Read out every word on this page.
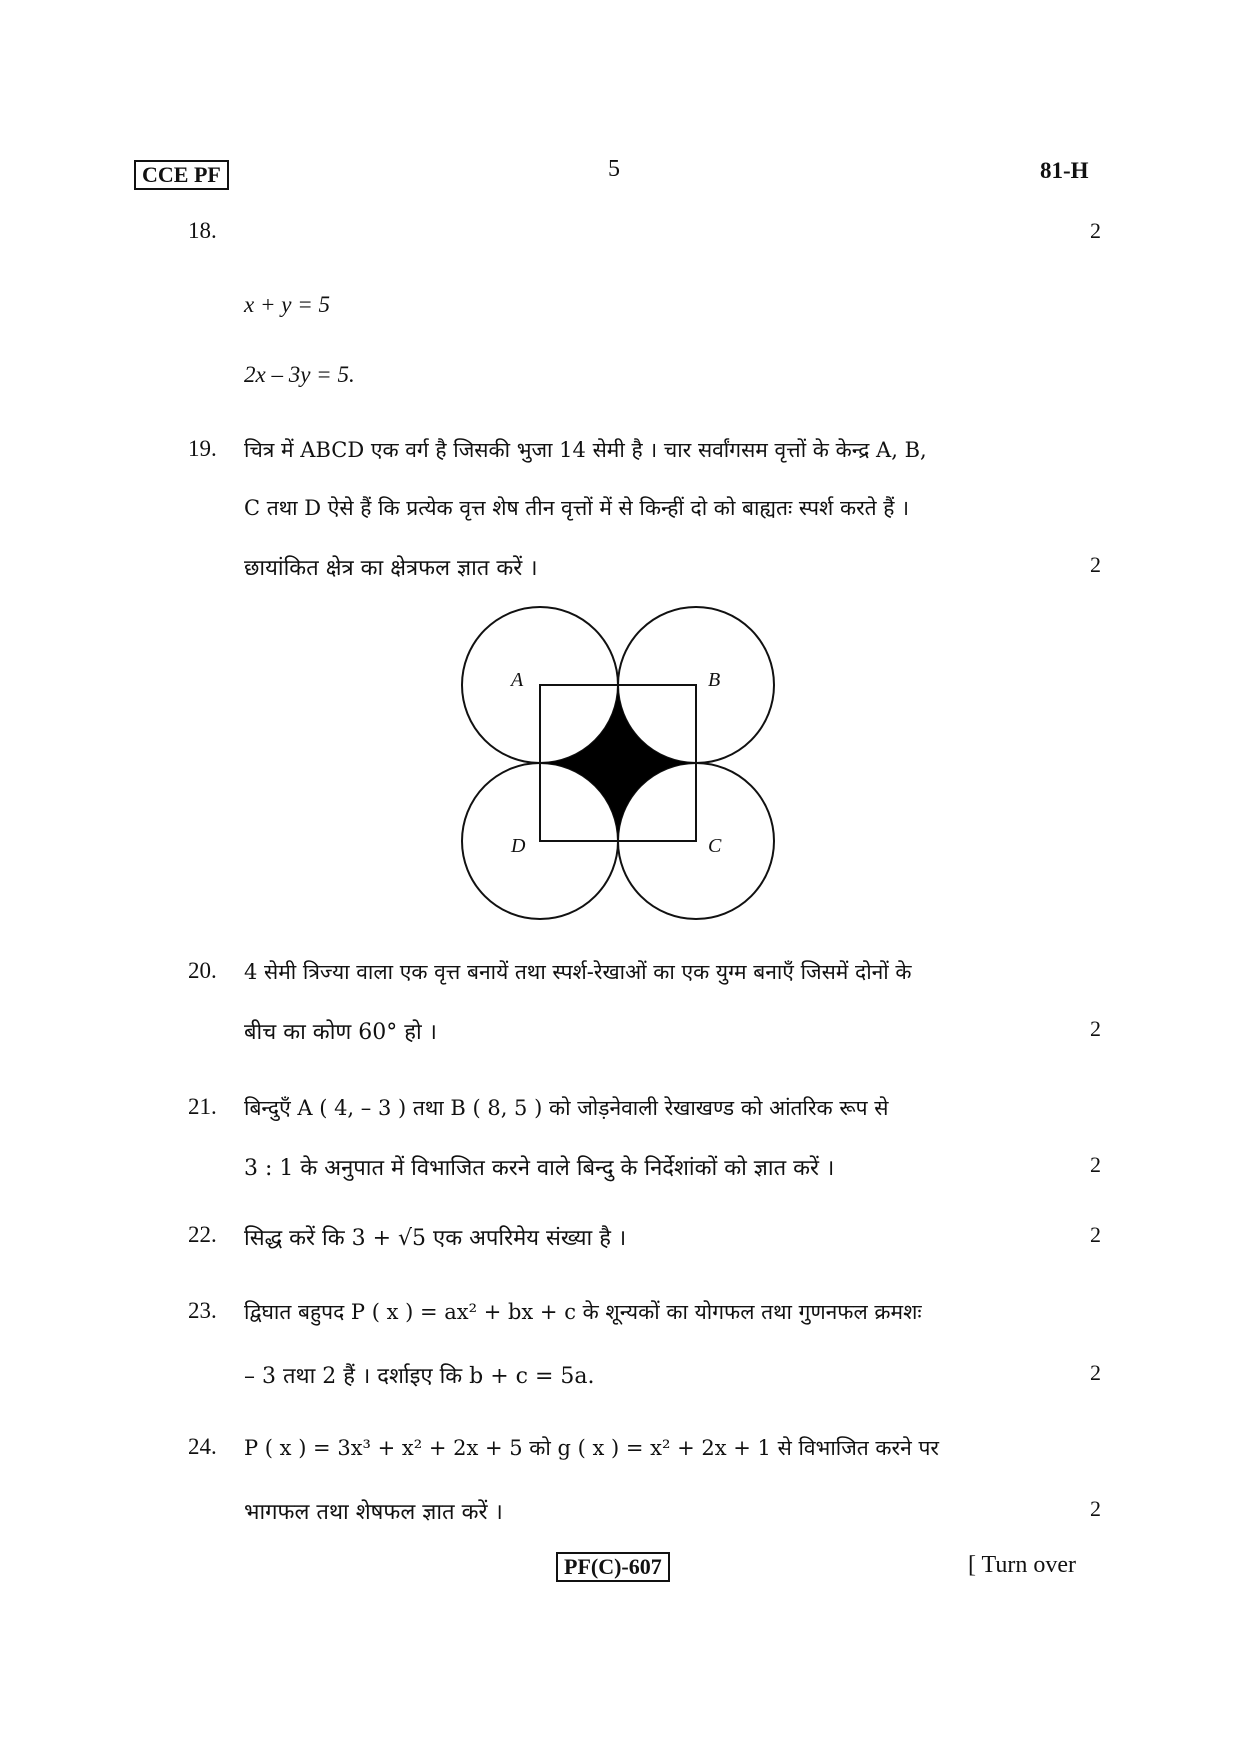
CCE PF	5	81-H
18.	2
x + y = 5
2x – 3y = 5.
19. चित्र में ABCD एक वर्ग है जिसकी भुजा 14 सेमी है । चार सर्वांगसम वृत्तों के केन्द्र A, B,
C तथा D ऐसे हैं कि प्रत्येक वृत्त शेष तीन वृत्तों में से किन्हीं दो को बाह्यतः स्पर्श करते हैं ।
छायांकित क्षेत्र का क्षेत्रफल ज्ञात करें ।	2
A	B
C
D
20. 4 सेमी त्रिज्या वाला एक वृत्त बनायें तथा स्पर्श-रेखाओं का एक युग्म बनाएँ जिसमें दोनों के
बीच का कोण 60° हो ।	2
21. बिन्दुएँ A ( 4, – 3 ) तथा B ( 8, 5 ) को जोड़नेवाली रेखाखण्ड को आंतरिक रूप से
3 : 1 के अनुपात में विभाजित करने वाले बिन्दु के निर्देशांकों को ज्ञात करें ।	2
22. सिद्ध करें कि 3 + √5 एक अपरिमेय संख्या है ।	2
23. द्विघात बहुपद P ( x ) = ax² + bx + c के शून्यकों का योगफल तथा गुणनफल क्रमशः
– 3 तथा 2 हैं । दर्शाइए कि b + c = 5a.	2
24. P ( x ) = 3x³ + x² + 2x + 5 को g ( x ) = x² + 2x + 1 से विभाजित करने पर
भागफल तथा शेषफल ज्ञात करें ।	2
PF(C)-607	[ Turn over
